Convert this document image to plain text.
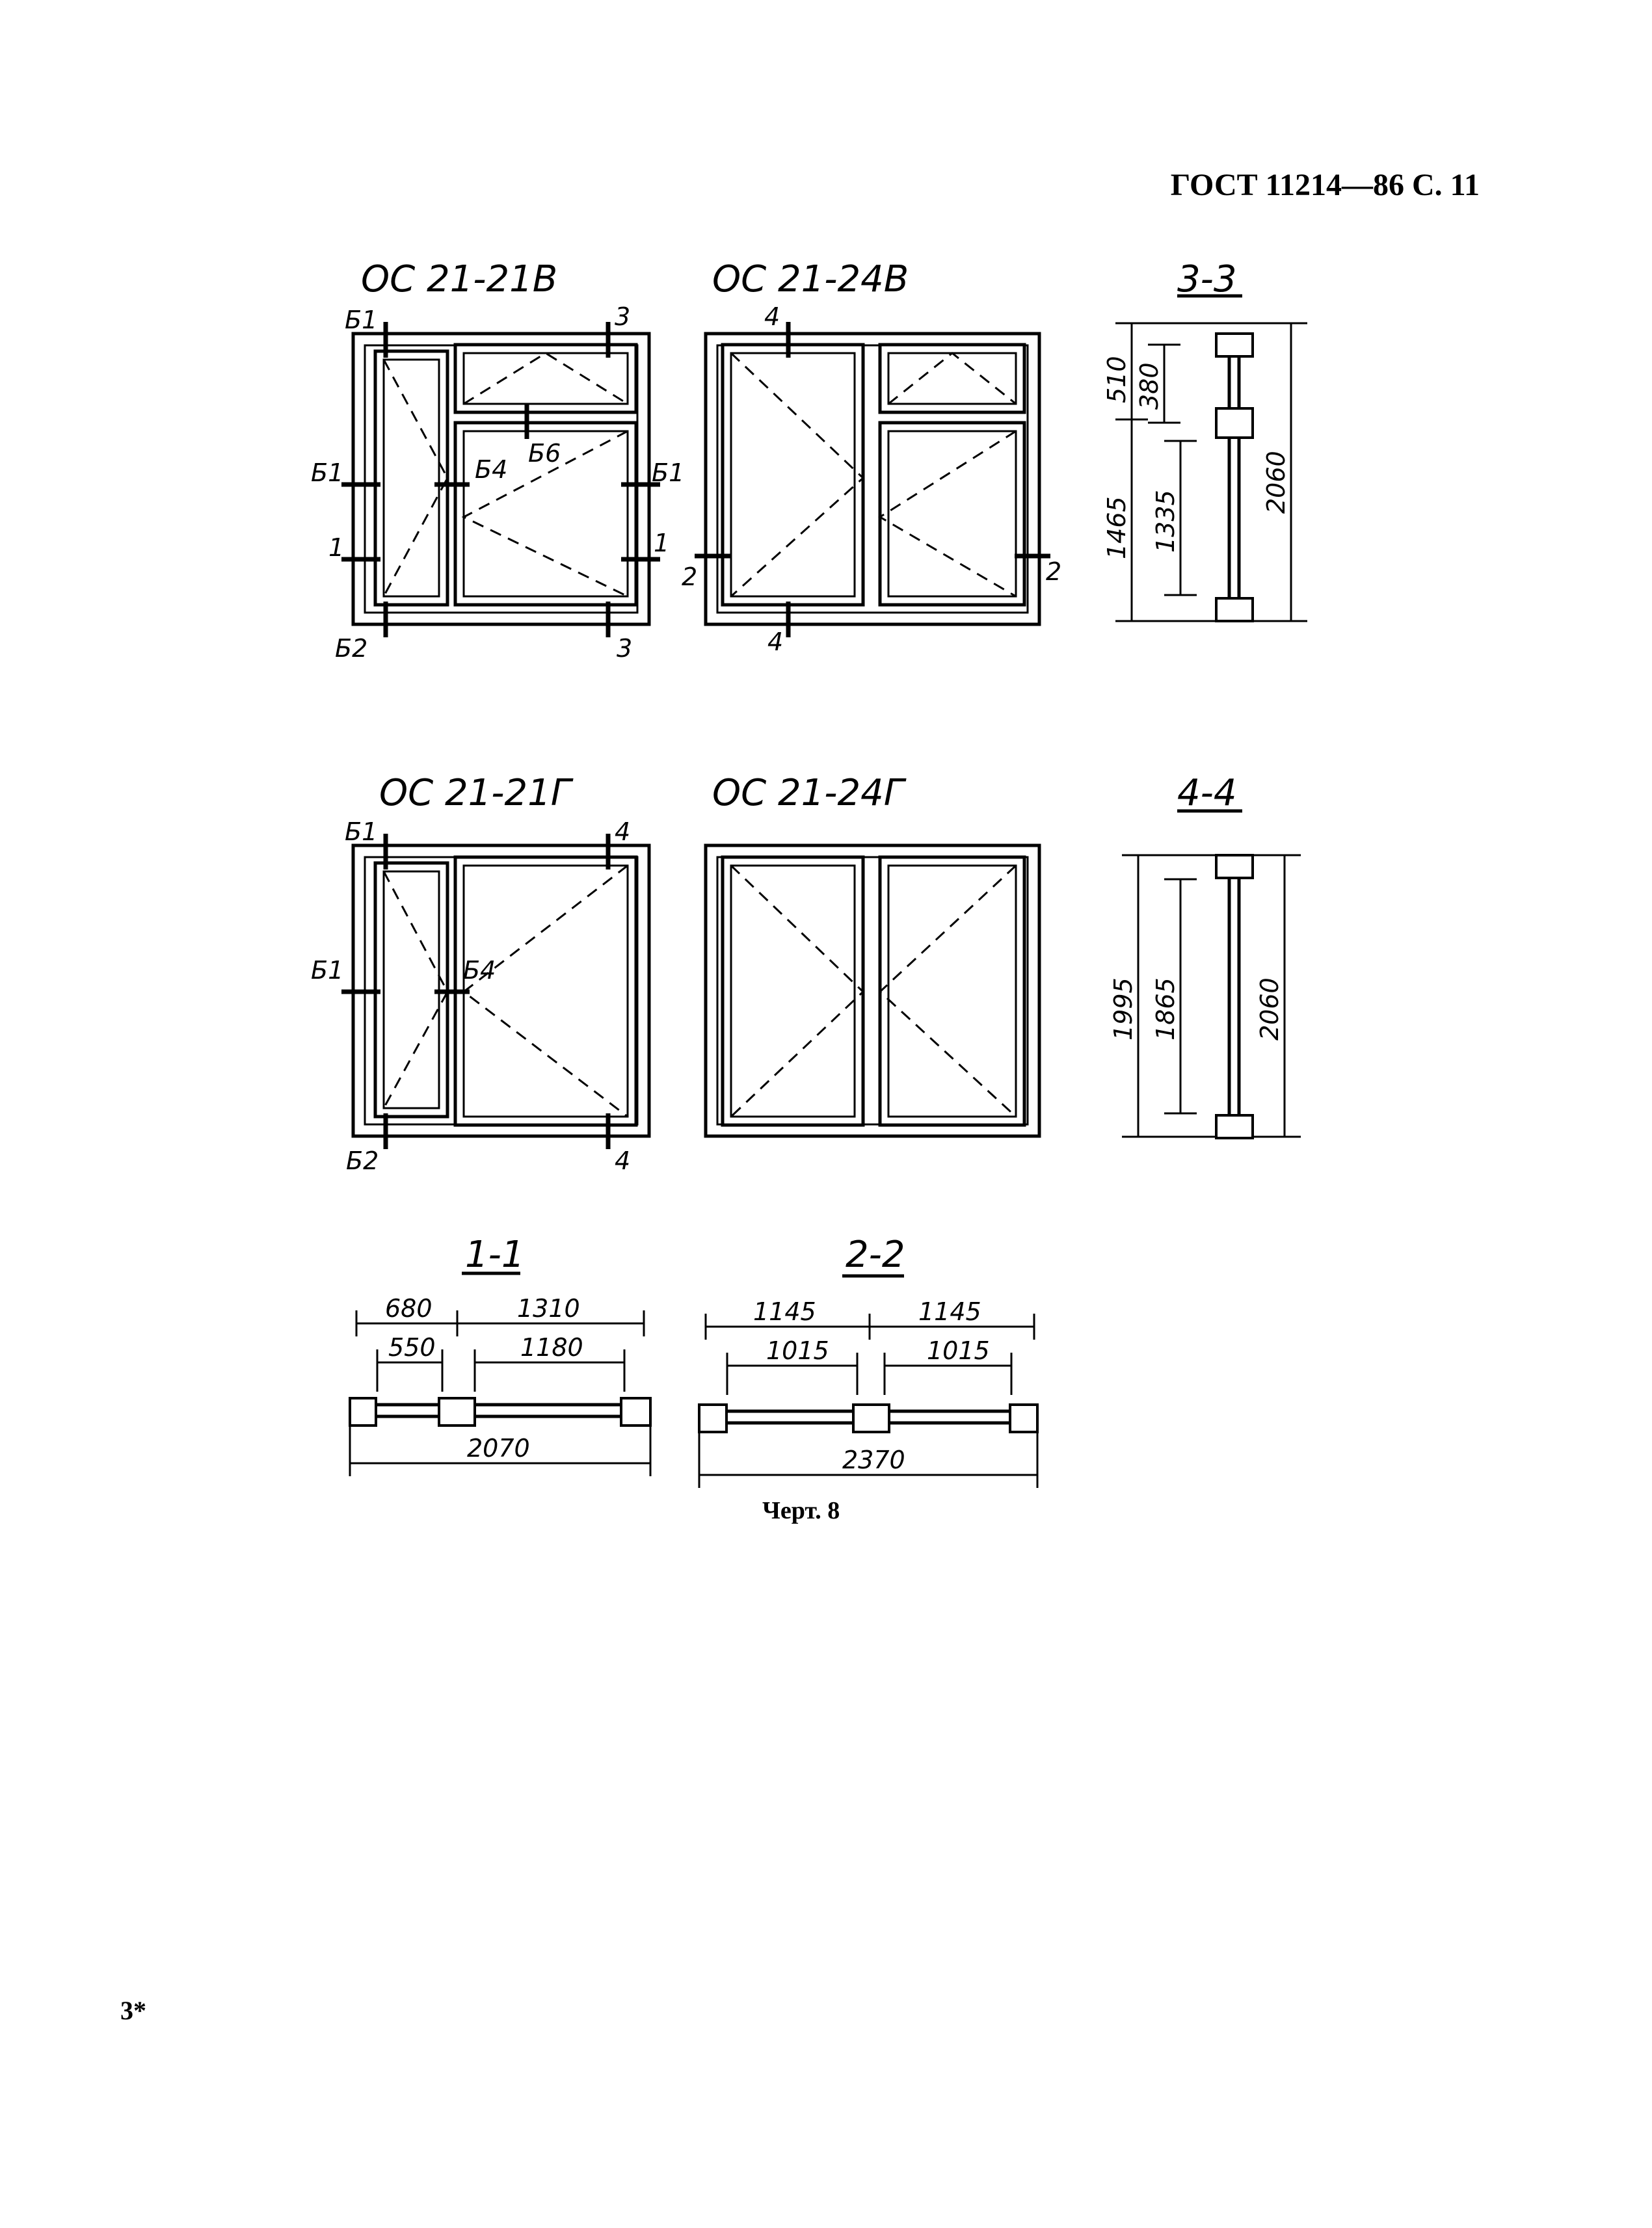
ГОСТ 11214—86 С. 11
3*
Черт. 8
ОС 21-21В
Б1	3
Б1	Б4
Б6
Б1
1	1
Б2	3
ОС 21-24В
4
2	2
4
3-3
510 380
1465 1335
2060
ОС 21-21Г
Б1	4
Б1	Б4
Б2	4
ОС 21-24Г	4-4
1995 1865	2060
1-1
680	1310
550	1180
2070
2-2
1145	1145
1015	1015
2370
